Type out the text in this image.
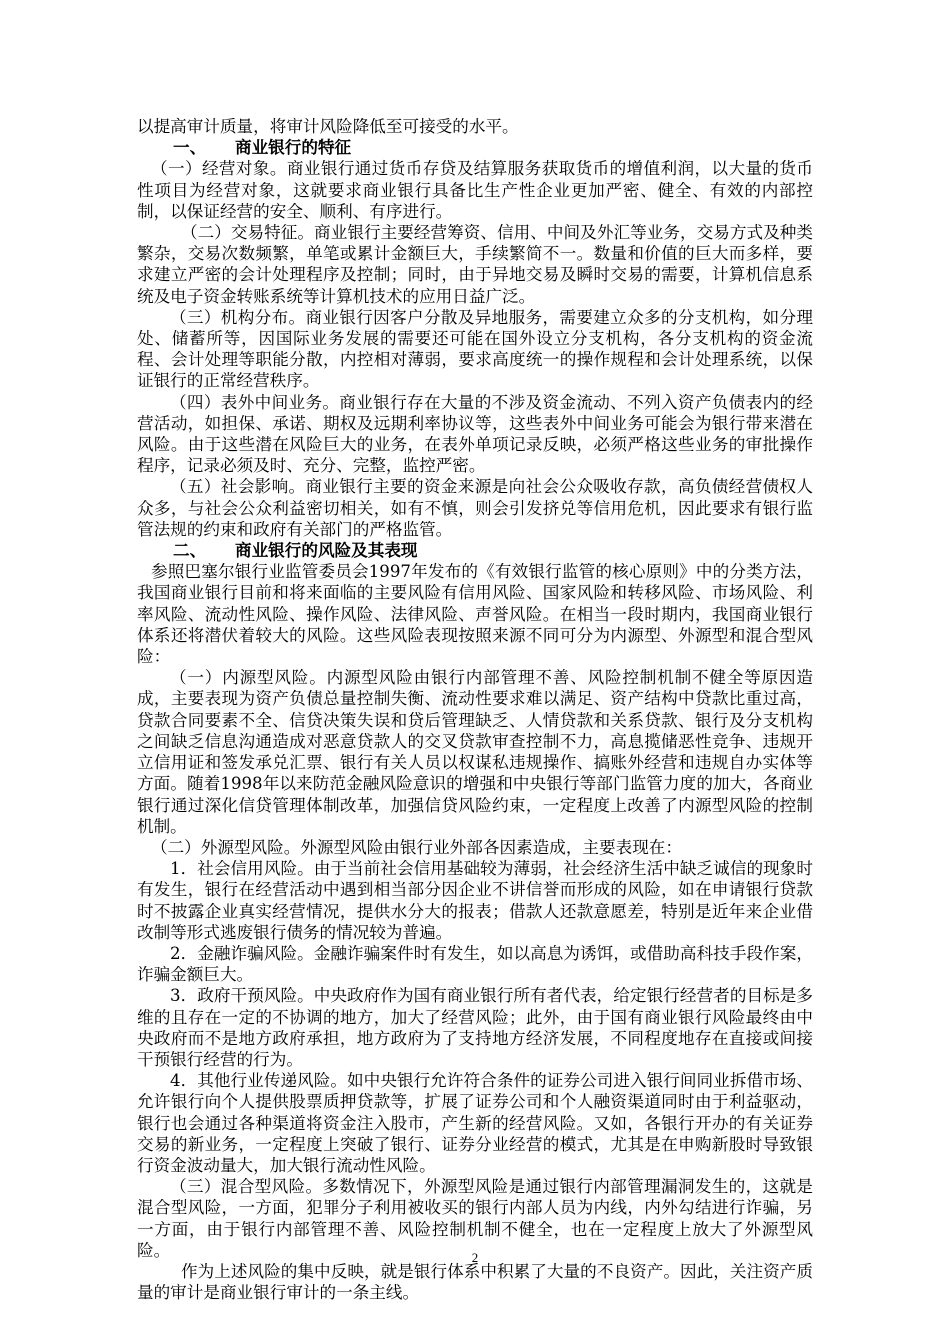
以提高审计质量，将审计风险降低至可接受的水平。

一、 商业银行的特征

（一）经营对象。商业银行通过货币存贷及结算服务获取货币的增值利润，以大量的货币性项目为经营对象，这就要求商业银行具备比生产性企业更加严密、健全、有效的内部控制，以保证经营的安全、顺利、有序进行。

（二）交易特征。商业银行主要经营筹资、信用、中间及外汇等业务，交易方式及种类繁杂，交易次数频繁，单笔或累计金额巨大，手续繁简不一。数量和价值的巨大而多样，要求建立严密的会计处理程序及控制；同时，由于异地交易及瞬时交易的需要，计算机信息系统及电子资金转账系统等计算机技术的应用日益广泛。

（三）机构分布。商业银行因客户分散及异地服务，需要建立众多的分支机构，如分理处、储蓄所等，因国际业务发展的需要还可能在国外设立分支机构，各分支机构的资金流程、会计处理等职能分散，内控相对薄弱，要求高度统一的操作规程和会计处理系统，以保证银行的正常经营秩序。

（四）表外中间业务。商业银行存在大量的不涉及资金流动、不列入资产负债表内的经营活动，如担保、承诺、期权及远期利率协议等，这些表外中间业务可能会为银行带来潜在风险。由于这些潜在风险巨大的业务，在表外单项记录反映，必须严格这些业务的审批操作程序，记录必须及时、充分、完整，监控严密。

（五）社会影响。商业银行主要的资金来源是向社会公众吸收存款，高负债经营债权人众多，与社会公众利益密切相关，如有不慎，则会引发挤兑等信用危机，因此要求有银行监管法规的约束和政府有关部门的严格监管。

二、 商业银行的风险及其表现

参照巴塞尔银行业监管委员会1997年发布的《有效银行监管的核心原则》中的分类方法，我国商业银行目前和将来面临的主要风险有信用风险、国家风险和转移风险、市场风险、利率风险、流动性风险、操作风险、法律风险、声誉风险。在相当一段时期内，我国商业银行体系还将潜伏着较大的风险。这些风险表现按照来源不同可分为内源型、外源型和混合型风险：

（一）内源型风险。内源型风险由银行内部管理不善、风险控制机制不健全等原因造成，主要表现为资产负债总量控制失衡、流动性要求难以满足、资产结构中贷款比重过高，贷款合同要素不全、信贷决策失误和贷后管理缺乏、人情贷款和关系贷款、银行及分支机构之间缺乏信息沟通造成对恶意贷款人的交叉贷款审查控制不力，高息揽储恶性竞争、违规开立信用证和签发承兑汇票、银行有关人员以权谋私违规操作、搞账外经营和违规自办实体等方面。随着1998年以来防范金融风险意识的增强和中央银行等部门监管力度的加大，各商业银行通过深化信贷管理体制改革，加强信贷风险约束，一定程度上改善了内源型风险的控制机制。

（二）外源型风险。外源型风险由银行业外部各因素造成，主要表现在：

1．社会信用风险。由于当前社会信用基础较为薄弱，社会经济生活中缺乏诚信的现象时有发生，银行在经营活动中遇到相当部分因企业不讲信誉而形成的风险，如在申请银行贷款时不披露企业真实经营情况，提供水分大的报表；借款人还款意愿差，特别是近年来企业借改制等形式逃废银行债务的情况较为普遍。

2．金融诈骗风险。金融诈骗案件时有发生，如以高息为诱饵，或借助高科技手段作案，诈骗金额巨大。

3．政府干预风险。中央政府作为国有商业银行所有者代表，给定银行经营者的目标是多维的且存在一定的不协调的地方，加大了经营风险；此外，由于国有商业银行风险最终由中央政府而不是地方政府承担，地方政府为了支持地方经济发展，不同程度地存在直接或间接干预银行经营的行为。

4．其他行业传递风险。如中央银行允许符合条件的证券公司进入银行间同业拆借市场、允许银行向个人提供股票质押贷款等，扩展了证券公司和个人融资渠道同时由于利益驱动，银行也会通过各种渠道将资金注入股市，产生新的经营风险。又如，各银行开办的有关证券交易的新业务，一定程度上突破了银行、证券分业经营的模式，尤其是在申购新股时导致银行资金波动量大，加大银行流动性风险。

（三）混合型风险。多数情况下，外源型风险是通过银行内部管理漏洞发生的，这就是混合型风险，一方面，犯罪分子利用被收买的银行内部人员为内线，内外勾结进行诈骗，另一方面，由于银行内部管理不善、风险控制机制不健全，也在一定程度上放大了外源型风险。

作为上述风险的集中反映，就是银行体系中积累了大量的不良资产。因此，关注资产质量的审计是商业银行审计的一条主线。

2
